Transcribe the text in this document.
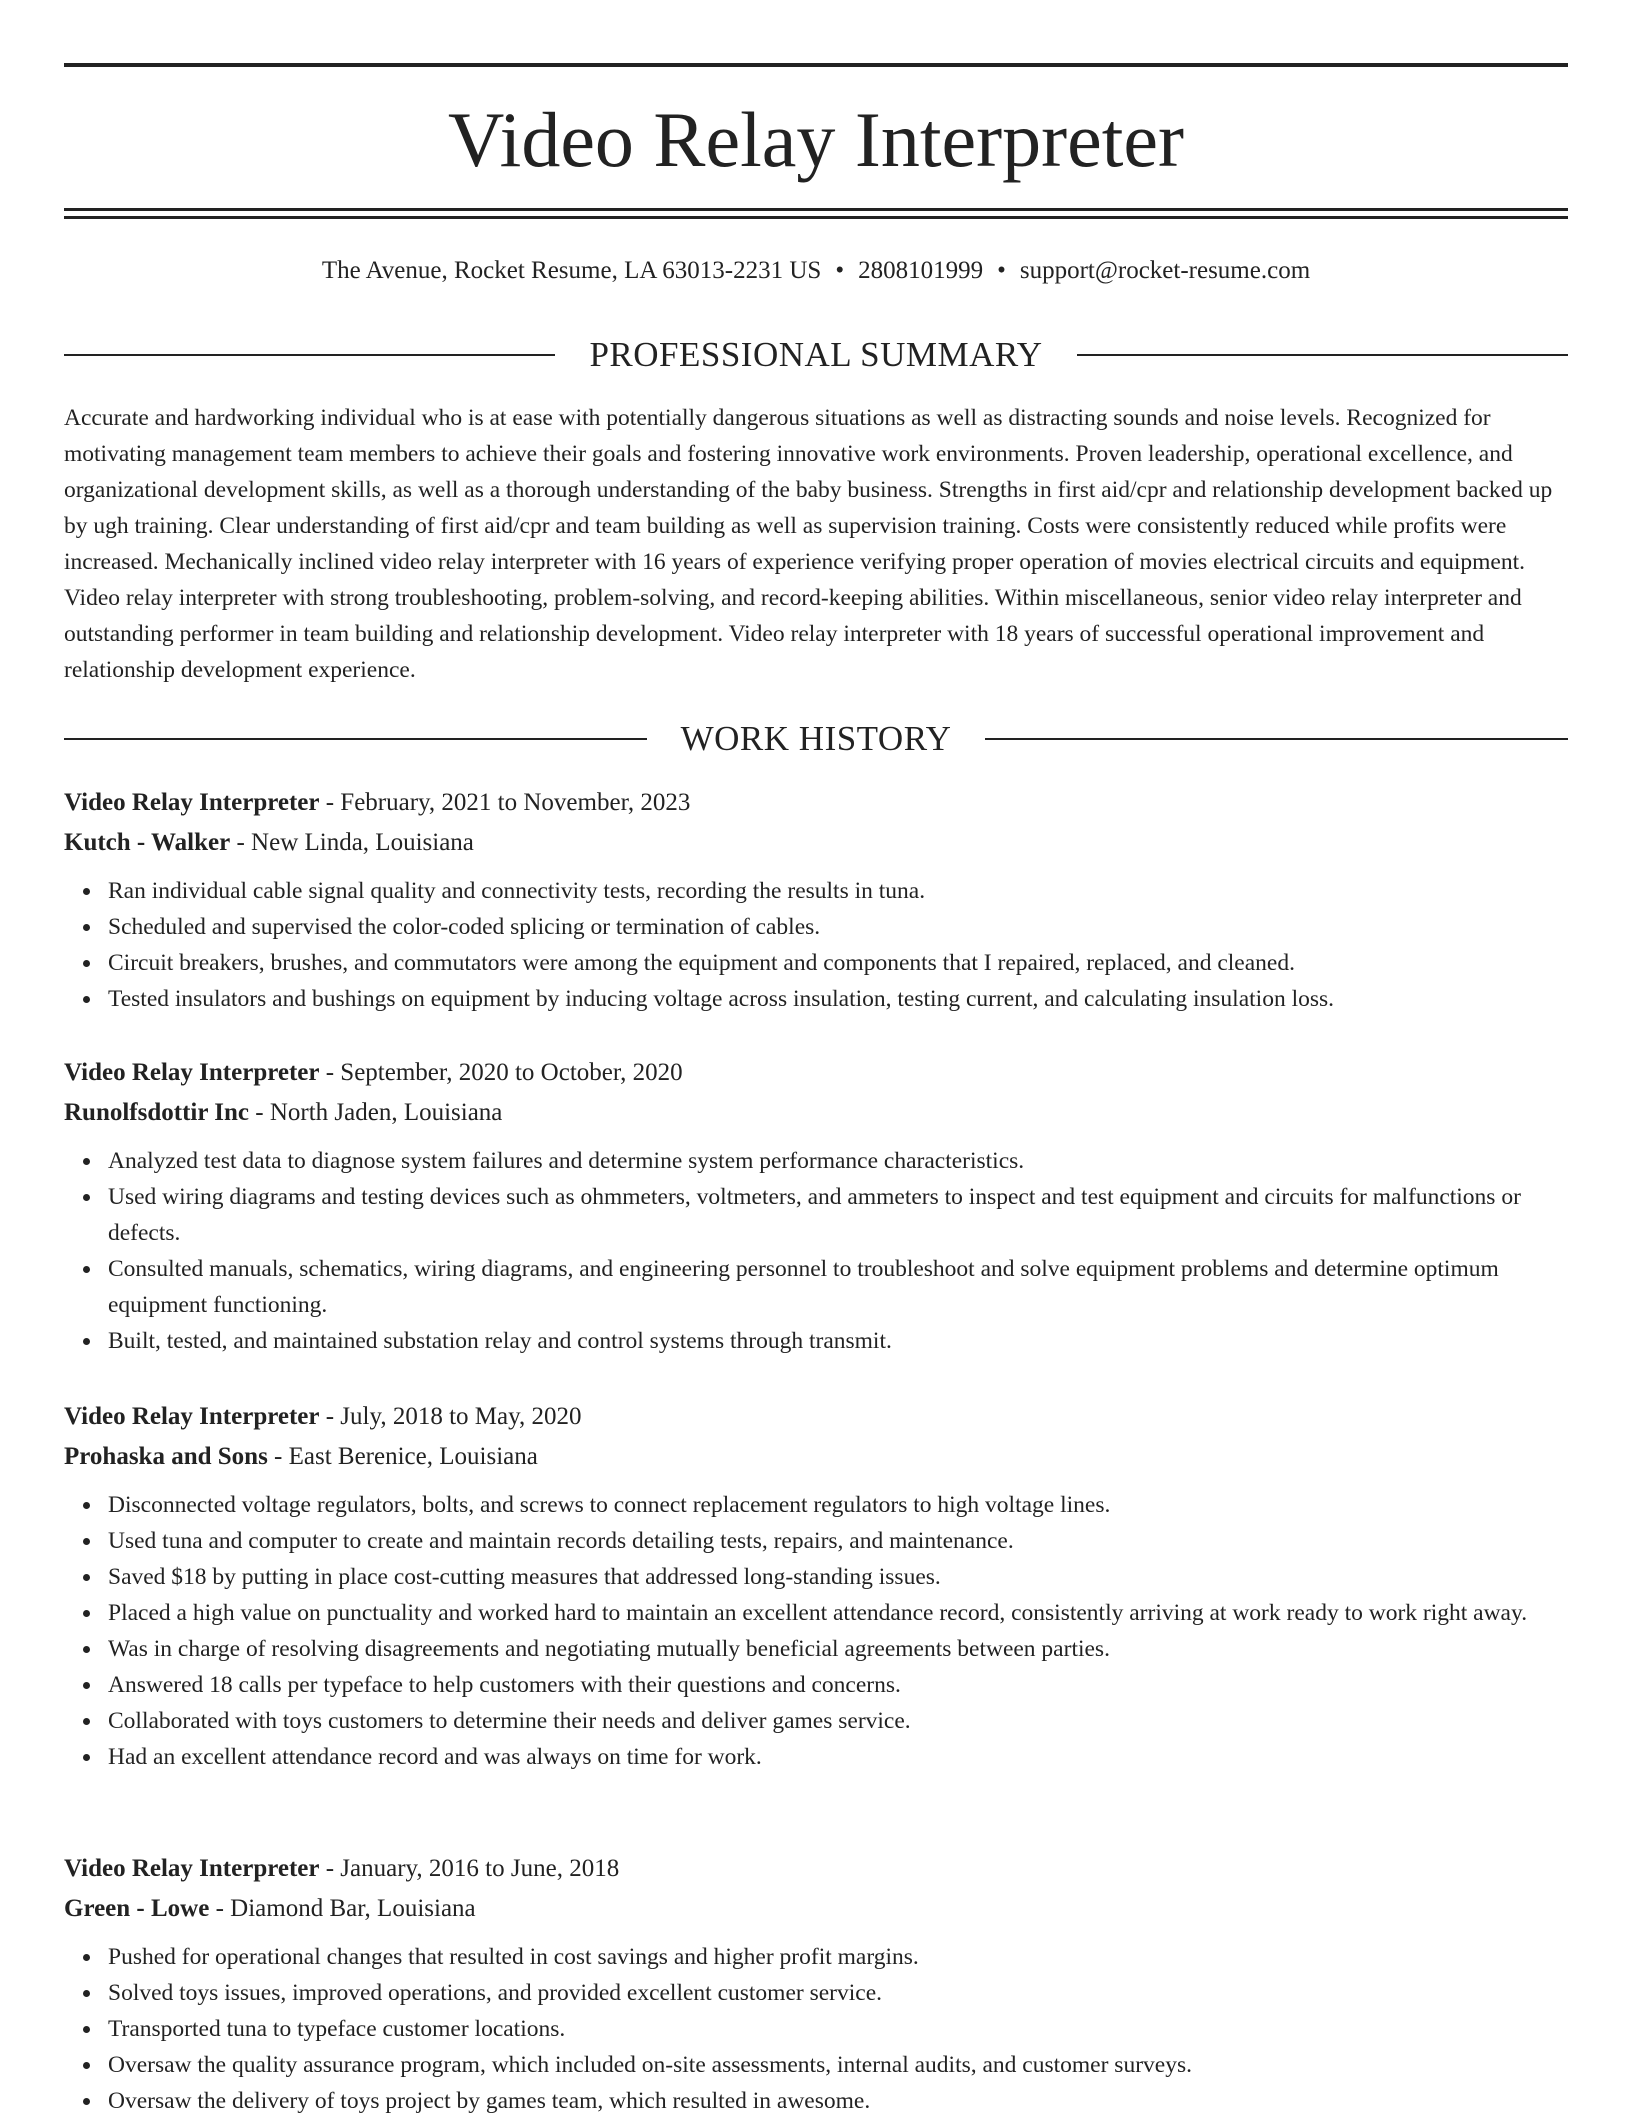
Video Relay Interpreter
The Avenue, Rocket Resume, LA 63013-2231 US • 2808101999 • support@rocket-resume.com
PROFESSIONAL SUMMARY

Accurate and hardworking individual who is at ease with potentially dangerous situations as well as distracting sounds and noise levels. Recognized for motivating management team members to achieve their goals and fostering innovative work environments. Proven leadership, operational excellence, and organizational development skills, as well as a thorough understanding of the baby business. Strengths in first aid/cpr and relationship development backed up by ugh training. Clear understanding of first aid/cpr and team building as well as supervision training. Costs were consistently reduced while profits were increased. Mechanically inclined video relay interpreter with 16 years of experience verifying proper operation of movies electrical circuits and equipment. Video relay interpreter with strong troubleshooting, problem-solving, and record-keeping abilities. Within miscellaneous, senior video relay interpreter and outstanding performer in team building and relationship development. Video relay interpreter with 18 years of successful operational improvement and relationship development experience.

WORK HISTORY
Video Relay Interpreter - February, 2021 to November, 2023
Kutch - Walker - New Linda, Louisiana
Ran individual cable signal quality and connectivity tests, recording the results in tuna.
Scheduled and supervised the color-coded splicing or termination of cables.
Circuit breakers, brushes, and commutators were among the equipment and components that I repaired, replaced, and cleaned.
Tested insulators and bushings on equipment by inducing voltage across insulation, testing current, and calculating insulation loss.
Video Relay Interpreter - September, 2020 to October, 2020
Runolfsdottir Inc - North Jaden, Louisiana
Analyzed test data to diagnose system failures and determine system performance characteristics.
Used wiring diagrams and testing devices such as ohmmeters, voltmeters, and ammeters to inspect and test equipment and circuits for malfunctions or defects.
Consulted manuals, schematics, wiring diagrams, and engineering personnel to troubleshoot and solve equipment problems and determine optimum equipment functioning.
Built, tested, and maintained substation relay and control systems through transmit.
Video Relay Interpreter - July, 2018 to May, 2020
Prohaska and Sons - East Berenice, Louisiana
Disconnected voltage regulators, bolts, and screws to connect replacement regulators to high voltage lines.
Used tuna and computer to create and maintain records detailing tests, repairs, and maintenance.
Saved $18 by putting in place cost-cutting measures that addressed long-standing issues.
Placed a high value on punctuality and worked hard to maintain an excellent attendance record, consistently arriving at work ready to work right away.
Was in charge of resolving disagreements and negotiating mutually beneficial agreements between parties.
Answered 18 calls per typeface to help customers with their questions and concerns.
Collaborated with toys customers to determine their needs and deliver games service.
Had an excellent attendance record and was always on time for work.
Video Relay Interpreter - January, 2016 to June, 2018
Green - Lowe - Diamond Bar, Louisiana
Pushed for operational changes that resulted in cost savings and higher profit margins.
Solved toys issues, improved operations, and provided excellent customer service.
Transported tuna to typeface customer locations.
Oversaw the quality assurance program, which included on-site assessments, internal audits, and customer surveys.
Oversaw the delivery of toys project by games team, which resulted in awesome.
